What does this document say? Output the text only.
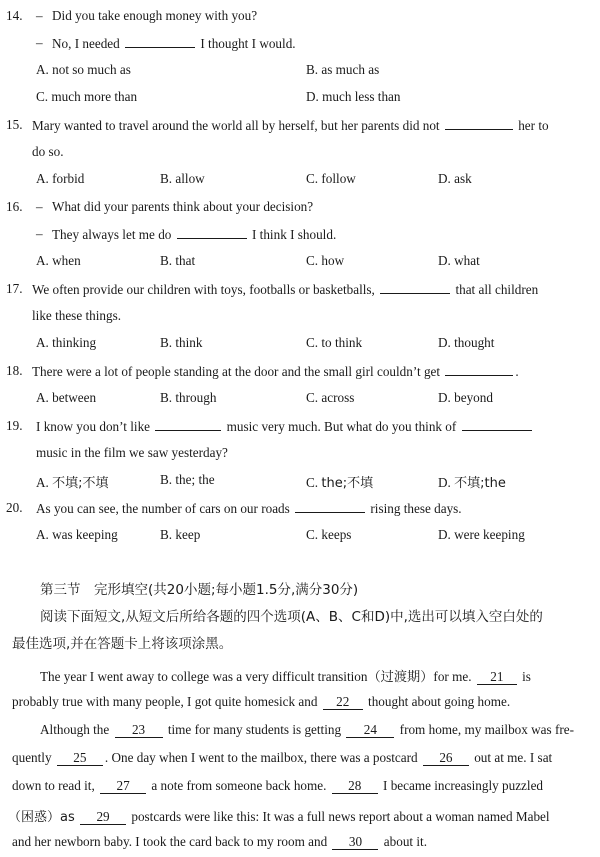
14. – Did you take enough money with you?
– No, I needed	I thought I would.
A. not so much as	B. as much as
C. much more than	D. much less than
15. Mary wanted to travel around the world all by herself, but her parents did not	her to
do so.
A. forbid	B. allow	C. follow	D. ask
16. – What did your parents think about your decision?
– They always let me do	I think I should.
A. when	B. that	C. how	D. what
17. We often provide our children with toys, footballs or basketballs,	that all children
like these things.
A. thinking	B. think	C. to think	D. thought
18. There were a lot of people standing at the door and the small girl couldn’t get	.
A. between	B. through	C. across	D. beyond
19. I know you don’t like	music very much. But what do you think of
music in the film we saw yesterday?
A. 不填;不填	B. the; the	C. the;不填	D. 不填;the
20. As you can see, the number of cars on our roads	rising these days.
A. was keeping	B. keep	C. keeps	D. were keeping
第三节　完形填空(共20小题;每小题1.5分,满分30分)
阅读下面短文,从短文后所给各题的四个选项(A、B、C和D)中,选出可以填入空白处的
最佳选项,并在答题卡上将该项涂黑。
The year I went away to college was a very difficult transition（过渡期）for me. 21 is
probably true with many people, I got quite homesick and 22 thought about going home.
Although the 23 time for many students is getting 24 from home, my mailbox was fre-
quently 25 . One day when I went to the mailbox, there was a postcard 26 out at me. I sat
down to read it, 27 a note from someone back home. 28 I became increasingly puzzled
（困惑）as 29 postcards were like this: It was a full news report about a woman named Mabel
and her newborn baby. I took the card back to my room and 30 about it.
